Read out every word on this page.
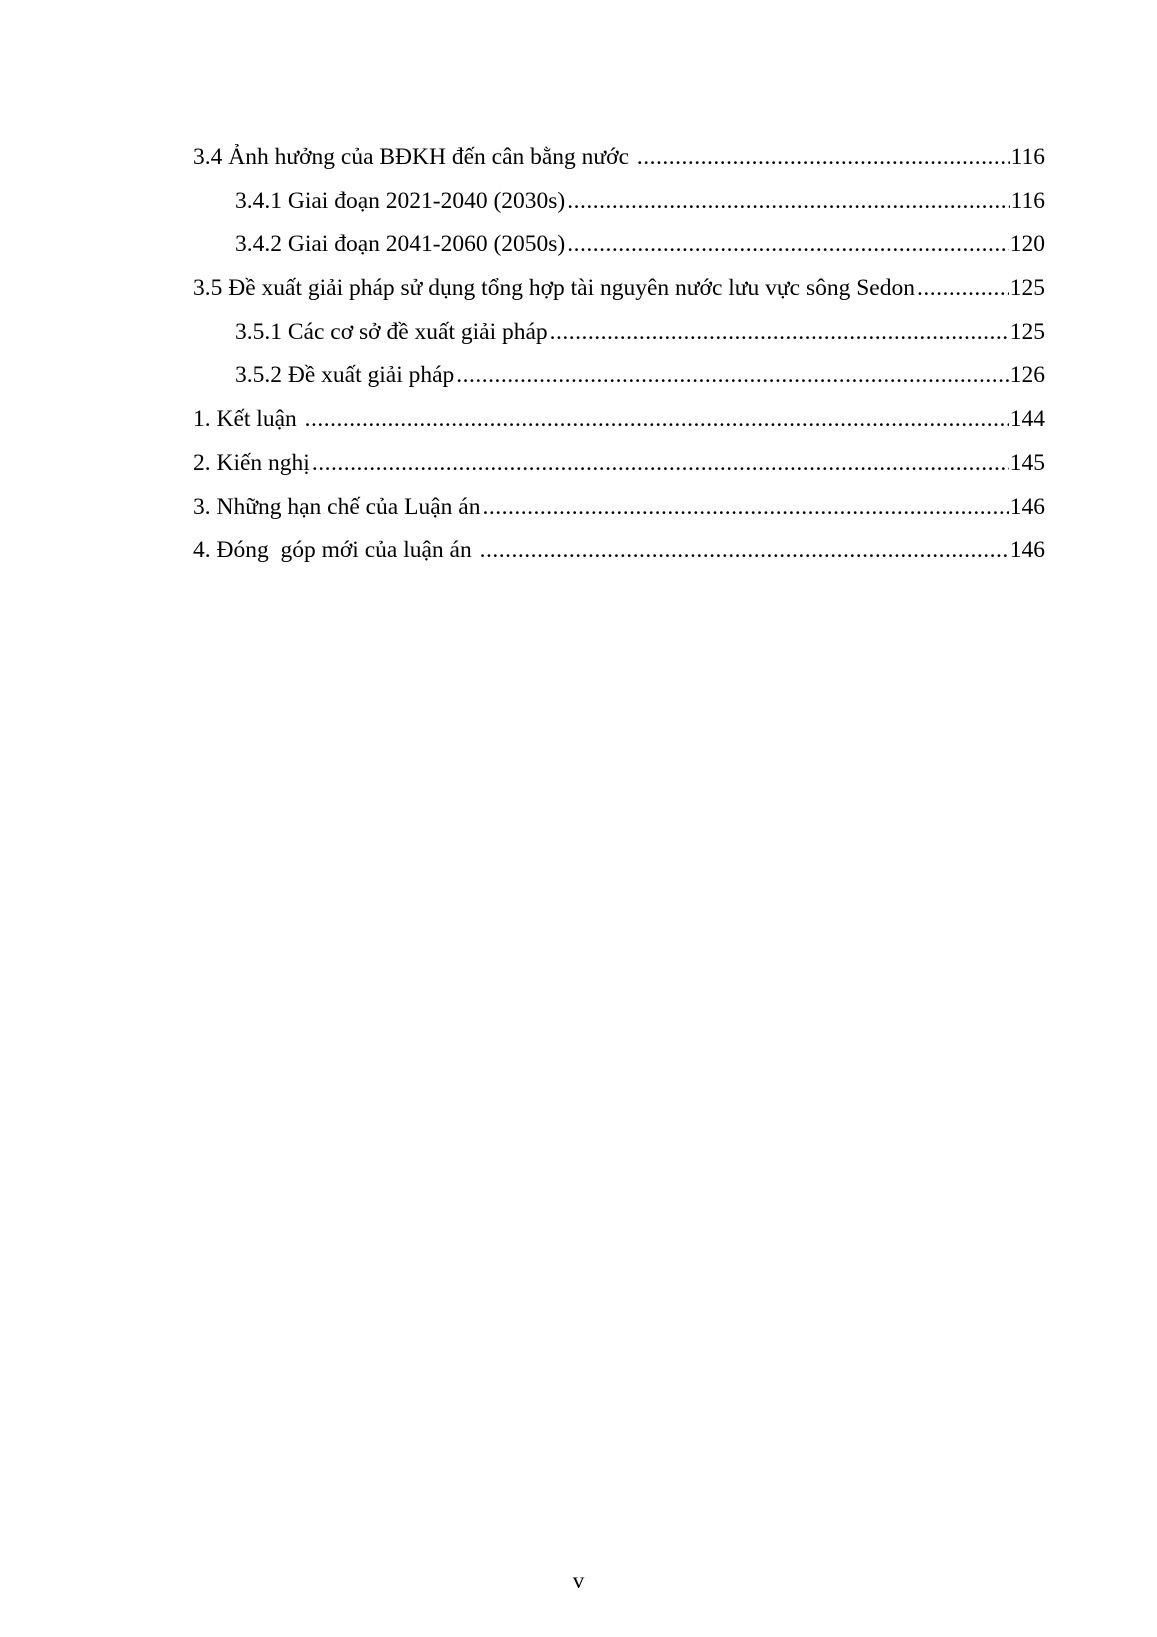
3.4 Ảnh hưởng của BĐKH đến cân bằng nước .....	116
3.4.1 Giai đoạn 2021-2040 (2030s) .....	116
3.4.2 Giai đoạn 2041-2060 (2050s) .....	120
3.5 Đề xuất giải pháp sử dụng tổng hợp tài nguyên nước lưu vực sông Sedon .....	125
3.5.1 Các cơ sở đề xuất giải pháp .....	125
3.5.2 Đề xuất giải pháp .....	126
1. Kết luận .....	144
2. Kiến nghị .....	145
3. Những hạn chế của Luận án .....	146
4. Đóng  góp mới của luận án .....	146
v
